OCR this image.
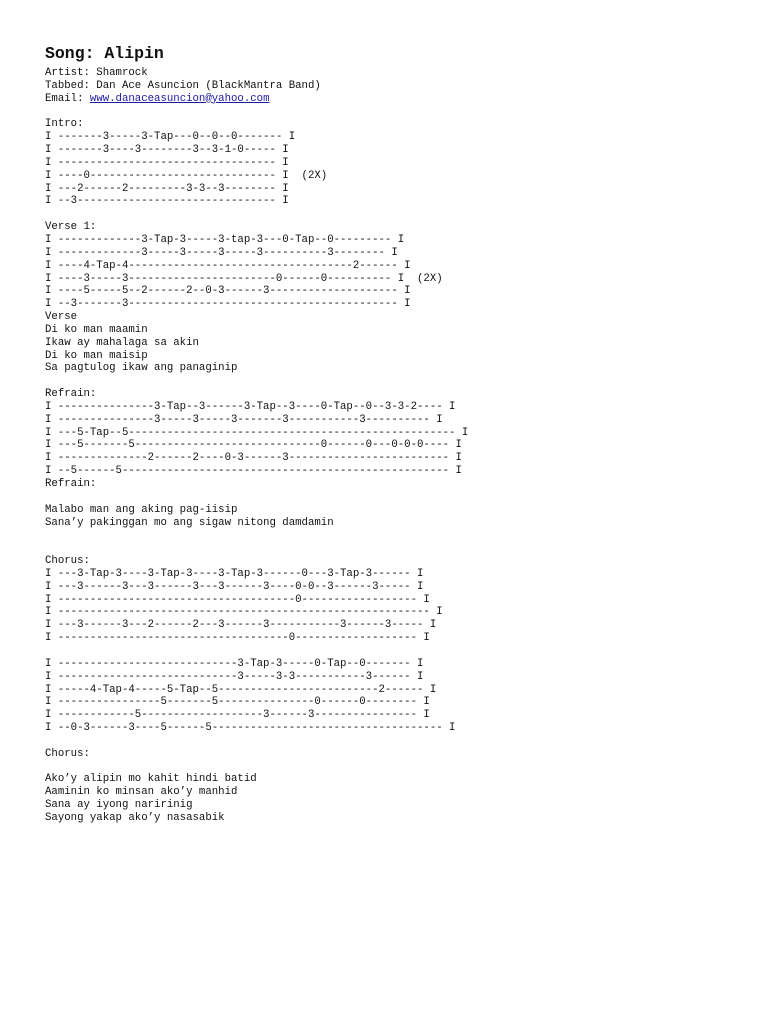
Song: Alipin
Artist: Shamrock
Tabbed: Dan Ace Asuncion (BlackMantra Band)
Email: www.danaceasuncion@yahoo.com
Intro:
I -------3-----3-Tap---0--0--0------- I
I -------3----3--------3--3-1-0----- I
I ---------------------------------- I
I ----0----------------------------- I  (2X)
I ---2------2---------3-3--3-------- I
I --3------------------------------- I
Verse 1:
I -------------3-Tap-3-----3-tap-3---0-Tap--0--------- I
I -------------3-----3-----3-----3----------3-------- I
I ----4-Tap-4-----------------------------------2------ I
I ----3-----3-----------------------0------0---------- I  (2X)
I ----5-----5--2------2--0-3------3-------------------- I
I --3-------3------------------------------------------ I
Verse
Di ko man maamin
Ikaw ay mahalaga sa akin
Di ko man maisip
Sa pagtulog ikaw ang panaginip
Refrain:
I ---------------3-Tap--3------3-Tap--3----0-Tap--0--3-3-2---- I
I ---------------3-----3-----3-------3-----------3---------- I
I ---5-Tap--5--------------------------------------------------- I
I ---5-------5-----------------------------0------0---0-0-0---- I
I --------------2------2----0-3------3------------------------- I
I --5------5--------------------------------------------------- I
Refrain:
Malabo man ang aking pag-iisip
Sana’y pakinggan mo ang sigaw nitong damdamin
Chorus:
I ---3-Tap-3----3-Tap-3----3-Tap-3------0---3-Tap-3------ I
I ---3------3---3------3---3------3----0-0--3------3----- I
I -------------------------------------0------------------ I
I ---------------------------------------------------------- I
I ---3------3---2------2---3------3-----------3------3----- I
I ------------------------------------0------------------- I
I ----------------------------3-Tap-3-----0-Tap--0------- I
I ----------------------------3-----3-3-----------3------ I
I -----4-Tap-4-----5-Tap--5-------------------------2------ I
I ----------------5-------5---------------0------0-------- I
I ------------5-------------------3------3---------------- I
I --0-3------3----5------5------------------------------------ I
Chorus:
Ako’y alipin mo kahit hindi batid
Aaminin ko minsan ako’y manhid
Sana ay iyong naririnig
Sayong yakap ako’y nasasabik
